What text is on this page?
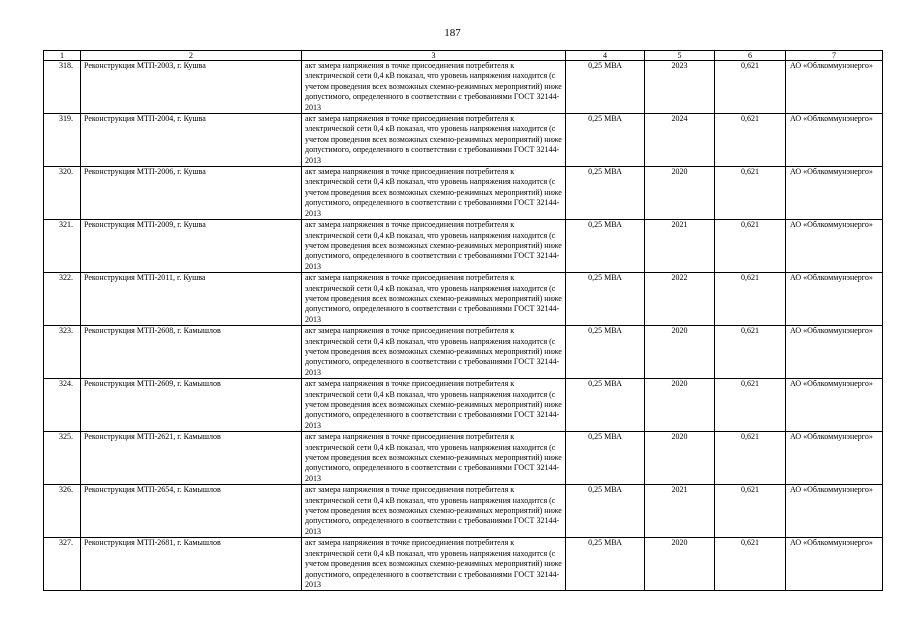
187
1	2	3	4	5	6	7
318.	Реконструкция МТП-2003, г. Кушва	акт замера напряжения в точке присоединения потребителя к электрической сети 0,4 кВ показал, что уровень напряжения находится (с учетом проведения всех возможных схемно-режимных мероприятий) ниже допустимого, определенного в соответствии с требованиями ГОСТ 32144-2013	0,25 МВА	2023	0,621	АО «Облкоммунэнерго»
319.	Реконструкция МТП-2004, г. Кушва	акт замера напряжения в точке присоединения потребителя к электрической сети 0,4 кВ показал, что уровень напряжения находится (с учетом проведения всех возможных схемно-режимных мероприятий) ниже допустимого, определенного в соответствии с требованиями ГОСТ 32144-2013	0,25 МВА	2024	0,621	АО «Облкоммунэнерго»
320.	Реконструкция МТП-2006, г. Кушва	акт замера напряжения в точке присоединения потребителя к электрической сети 0,4 кВ показал, что уровень напряжения находится (с учетом проведения всех возможных схемно-режимных мероприятий) ниже допустимого, определенного в соответствии с требованиями ГОСТ 32144-2013	0,25 МВА	2020	0,621	АО «Облкоммунэнерго»
321.	Реконструкция МТП-2009, г. Кушва	акт замера напряжения в точке присоединения потребителя к электрической сети 0,4 кВ показал, что уровень напряжения находится (с учетом проведения всех возможных схемно-режимных мероприятий) ниже допустимого, определенного в соответствии с требованиями ГОСТ 32144-2013	0,25 МВА	2021	0,621	АО «Облкоммунэнерго»
322.	Реконструкция МТП-2011, г. Кушва	акт замера напряжения в точке присоединения потребителя к электрической сети 0,4 кВ показал, что уровень напряжения находится (с учетом проведения всех возможных схемно-режимных мероприятий) ниже допустимого, определенного в соответствии с требованиями ГОСТ 32144-2013	0,25 МВА	2022	0,621	АО «Облкоммунэнерго»
323.	Реконструкция МТП-2608, г. Камышлов	акт замера напряжения в точке присоединения потребителя к электрической сети 0,4 кВ показал, что уровень напряжения находится (с учетом проведения всех возможных схемно-режимных мероприятий) ниже допустимого, определенного в соответствии с требованиями ГОСТ 32144-2013	0,25 МВА	2020	0,621	АО «Облкоммунэнерго»
324.	Реконструкция МТП-2609, г. Камышлов	акт замера напряжения в точке присоединения потребителя к электрической сети 0,4 кВ показал, что уровень напряжения находится (с учетом проведения всех возможных схемно-режимных мероприятий) ниже допустимого, определенного в соответствии с требованиями ГОСТ 32144-2013	0,25 МВА	2020	0,621	АО «Облкоммунэнерго»
325.	Реконструкция МТП-2621, г. Камышлов	акт замера напряжения в точке присоединения потребителя к электрической сети 0,4 кВ показал, что уровень напряжения находится (с учетом проведения всех возможных схемно-режимных мероприятий) ниже допустимого, определенного в соответствии с требованиями ГОСТ 32144-2013	0,25 МВА	2020	0,621	АО «Облкоммунэнерго»
326.	Реконструкция МТП-2654, г. Камышлов	акт замера напряжения в точке присоединения потребителя к электрической сети 0,4 кВ показал, что уровень напряжения находится (с учетом проведения всех возможных схемно-режимных мероприятий) ниже допустимого, определенного в соответствии с требованиями ГОСТ 32144-2013	0,25 МВА	2021	0,621	АО «Облкоммунэнерго»
327.	Реконструкция МТП-2681, г. Камышлов	акт замера напряжения в точке присоединения потребителя к электрической сети 0,4 кВ показал, что уровень напряжения находится (с учетом проведения всех возможных схемно-режимных мероприятий) ниже допустимого, определенного в соответствии с требованиями ГОСТ 32144-2013	0,25 МВА	2020	0,621	АО «Облкоммунэнерго»
